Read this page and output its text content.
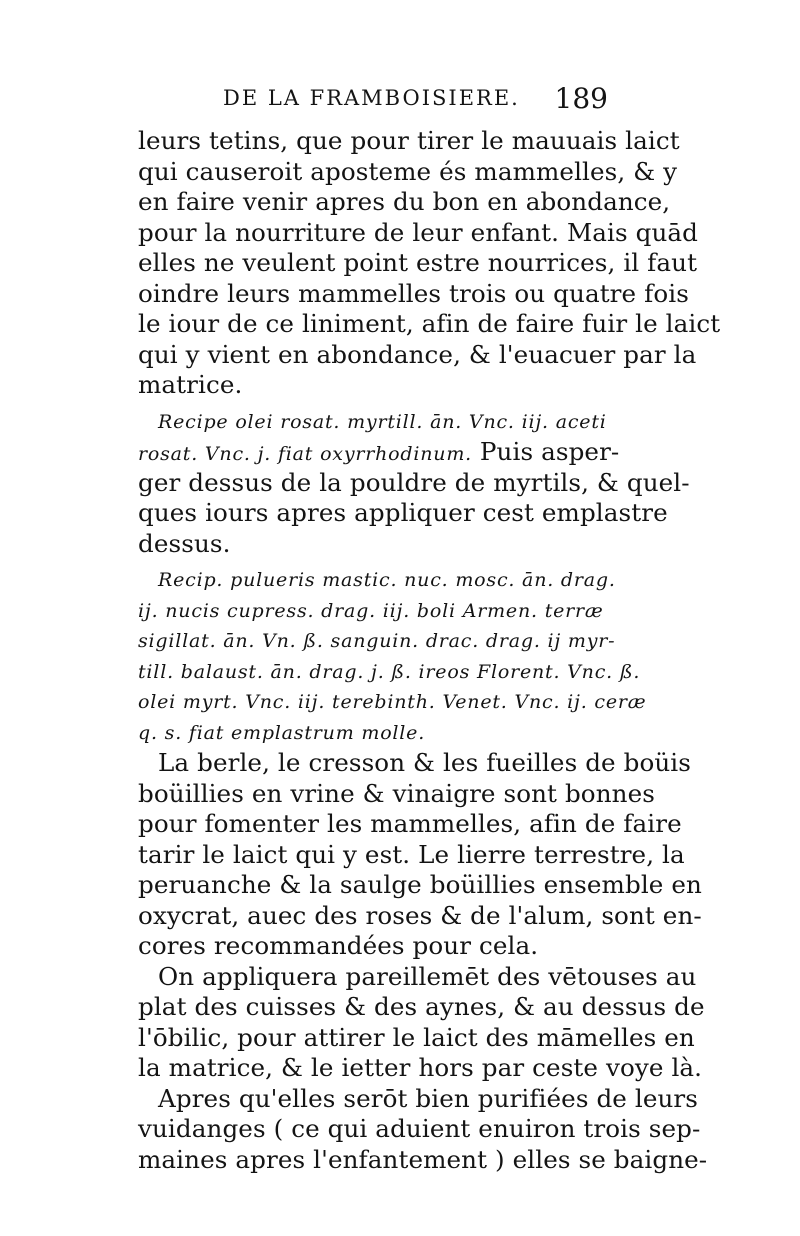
DE LA FRAMBOISIERE. 189
leurs tetins, que pour tirer le mauuais laict
qui causeroit aposteme és mammelles, & y
en faire venir apres du bon en abondance,
pour la nourriture de leur enfant. Mais quād
elles ne veulent point estre nourrices, il faut
oindre leurs mammelles trois ou quatre fois
le iour de ce liniment, afin de faire fuir le laict
qui y vient en abondance, & l'euacuer par la
matrice.
Recipe olei rosat. myrtill. ān. Vnc. iij. aceti
rosat. Vnc. j. fiat oxyrrhodinum. Puis asper-
ger dessus de la pouldre de myrtils, & quel-
ques iours apres appliquer cest emplastre
dessus.
Recip. pulueris mastic. nuc. mosc. ān. drag.
ij. nucis cupress. drag. iij. boli Armen. terræ
sigillat. ān. Vn. ß. sanguin. drac. drag. ij myr-
till. balaust. ān. drag. j. ß. ireos Florent. Vnc. ß.
olei myrt. Vnc. iij. terebinth. Venet. Vnc. ij. ceræ
q. s. fiat emplastrum molle.
La berle, le cresson & les fueilles de boüis
boüillies en vrine & vinaigre sont bonnes
pour fomenter les mammelles, afin de faire
tarir le laict qui y est. Le lierre terrestre, la
peruanche & la saulge boüillies ensemble en
oxycrat, auec des roses & de l'alum, sont en-
cores recommandées pour cela.
On appliquera pareillemēt des vētouses au
plat des cuisses & des aynes, & au dessus de
l'ōbilic, pour attirer le laict des māmelles en
la matrice, & le ietter hors par ceste voye là.
Apres qu'elles serōt bien purifiées de leurs
vuidanges ( ce qui aduient enuiron trois sep-
maines apres l'enfantement ) elles se baigne-
